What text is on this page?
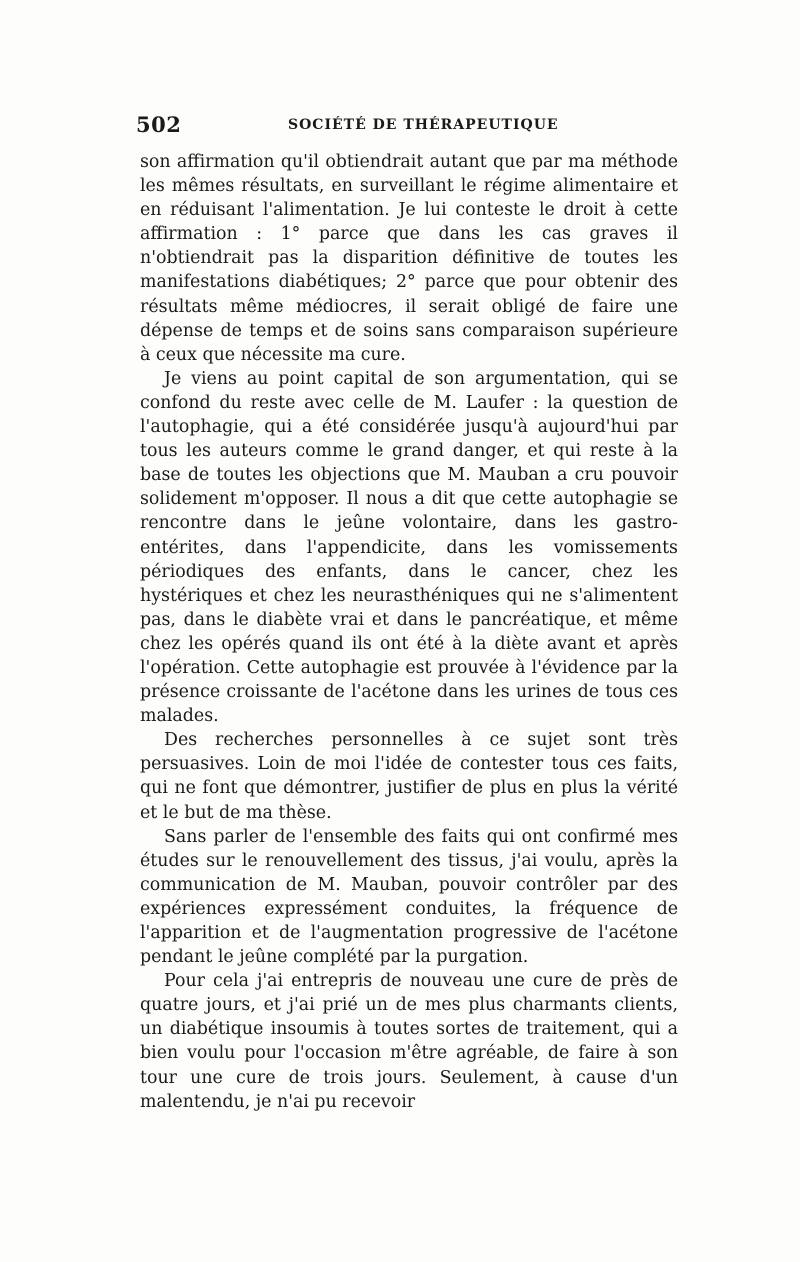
502	SOCIÉTÉ DE THÉRAPEUTIQUE

son affirmation qu'il obtiendrait autant que par ma méthode les mêmes résultats, en surveillant le régime alimentaire et en réduisant l'alimentation. Je lui conteste le droit à cette affirmation : 1° parce que dans les cas graves il n'obtiendrait pas la disparition définitive de toutes les manifestations diabétiques; 2° parce que pour obtenir des résultats même médiocres, il serait obligé de faire une dépense de temps et de soins sans comparaison supérieure à ceux que nécessite ma cure.

Je viens au point capital de son argumentation, qui se confond du reste avec celle de M. Laufer : la question de l'autophagie, qui a été considérée jusqu'à aujourd'hui par tous les auteurs comme le grand danger, et qui reste à la base de toutes les objections que M. Mauban a cru pouvoir solidement m'opposer. Il nous a dit que cette autophagie se rencontre dans le jeûne volontaire, dans les gastro-entérites, dans l'appendicite, dans les vomissements périodiques des enfants, dans le cancer, chez les hystériques et chez les neurasthéniques qui ne s'alimentent pas, dans le diabète vrai et dans le pancréatique, et même chez les opérés quand ils ont été à la diète avant et après l'opération. Cette autophagie est prouvée à l'évidence par la présence croissante de l'acétone dans les urines de tous ces malades.

Des recherches personnelles à ce sujet sont très persuasives. Loin de moi l'idée de contester tous ces faits, qui ne font que démontrer, justifier de plus en plus la vérité et le but de ma thèse.

Sans parler de l'ensemble des faits qui ont confirmé mes études sur le renouvellement des tissus, j'ai voulu, après la communication de M. Mauban, pouvoir contrôler par des expériences expressément conduites, la fréquence de l'apparition et de l'augmentation progressive de l'acétone pendant le jeûne complété par la purgation.

Pour cela j'ai entrepris de nouveau une cure de près de quatre jours, et j'ai prié un de mes plus charmants clients, un diabétique insoumis à toutes sortes de traitement, qui a bien voulu pour l'occasion m'être agréable, de faire à son tour une cure de trois jours. Seulement, à cause d'un malentendu, je n'ai pu recevoir
